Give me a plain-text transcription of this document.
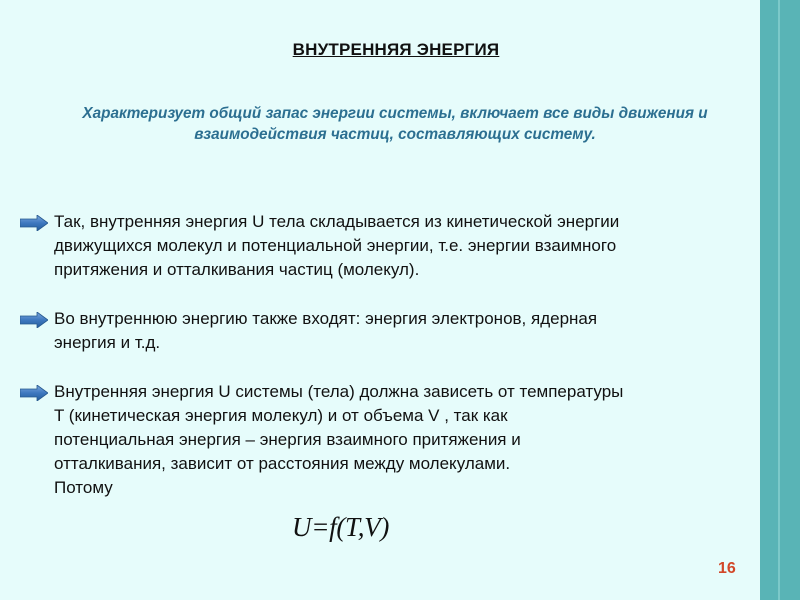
ВНУТРЕННЯЯ ЭНЕРГИЯ
Характеризует общий запас энергии системы, включает все виды движения и взаимодействия частиц, составляющих систему.
Так, внутренняя энергия U тела складывается из кинетической энергии
движущихся молекул и потенциальной энергии, т.е. энергии взаимного
притяжения и отталкивания частиц (молекул).
Во внутреннюю энергию также входят: энергия электронов, ядерная
энергия и т.д.
Внутренняя энергия U системы (тела) должна зависеть от температуры
T (кинетическая энергия молекул) и от объема V , так как
потенциальная энергия – энергия взаимного притяжения и
отталкивания, зависит от расстояния между молекулами.
Потому
U=f(T,V)
16
